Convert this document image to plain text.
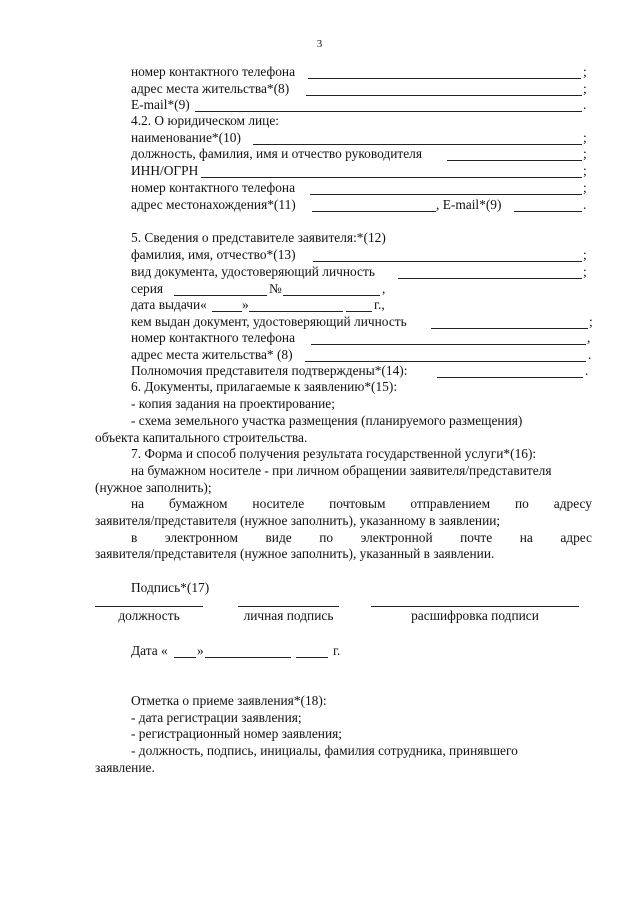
3
номер контактного телефона	;
адрес места жительства*(8)	;
E-mail*(9)	.
4.2. О юридическом лице:
наименование*(10)	;
должность, фамилия, имя и отчество руководителя	;
ИНН/ОГРН	;
номер контактного телефона	;
адрес местонахождения*(11)	, E-mail*(9)	.
5. Сведения о представителе заявителя:*(12)
фамилия, имя, отчество*(13)	;
вид документа, удостоверяющий личность	;
серия	№	,
дата выдачи«	»	г.,
кем выдан документ, удостоверяющий личность	;
номер контактного телефона	,
адрес места жительства* (8)	.
Полномочия представителя подтверждены*(14):	.
6. Документы, прилагаемые к заявлению*(15):
- копия задания на проектирование;
- схема земельного участка размещения (планируемого размещения)
объекта капитального строительства.
7. Форма и способ получения результата государственной услуги*(16):
на бумажном носителе - при личном обращении заявителя/представителя
(нужное заполнить);
на бумажном носителе почтовым отправлением по адресу
заявителя/представителя (нужное заполнить), указанному в заявлении;
в электронном виде по электронной почте на адрес
заявителя/представителя (нужное заполнить), указанный в заявлении.
Подпись*(17)
должность	личная подпись	расшифровка подписи
Дата « »	г.
Отметка о приеме заявления*(18):
- дата регистрации заявления;
- регистрационный номер заявления;
- должность, подпись, инициалы, фамилия сотрудника, принявшего
заявление.
